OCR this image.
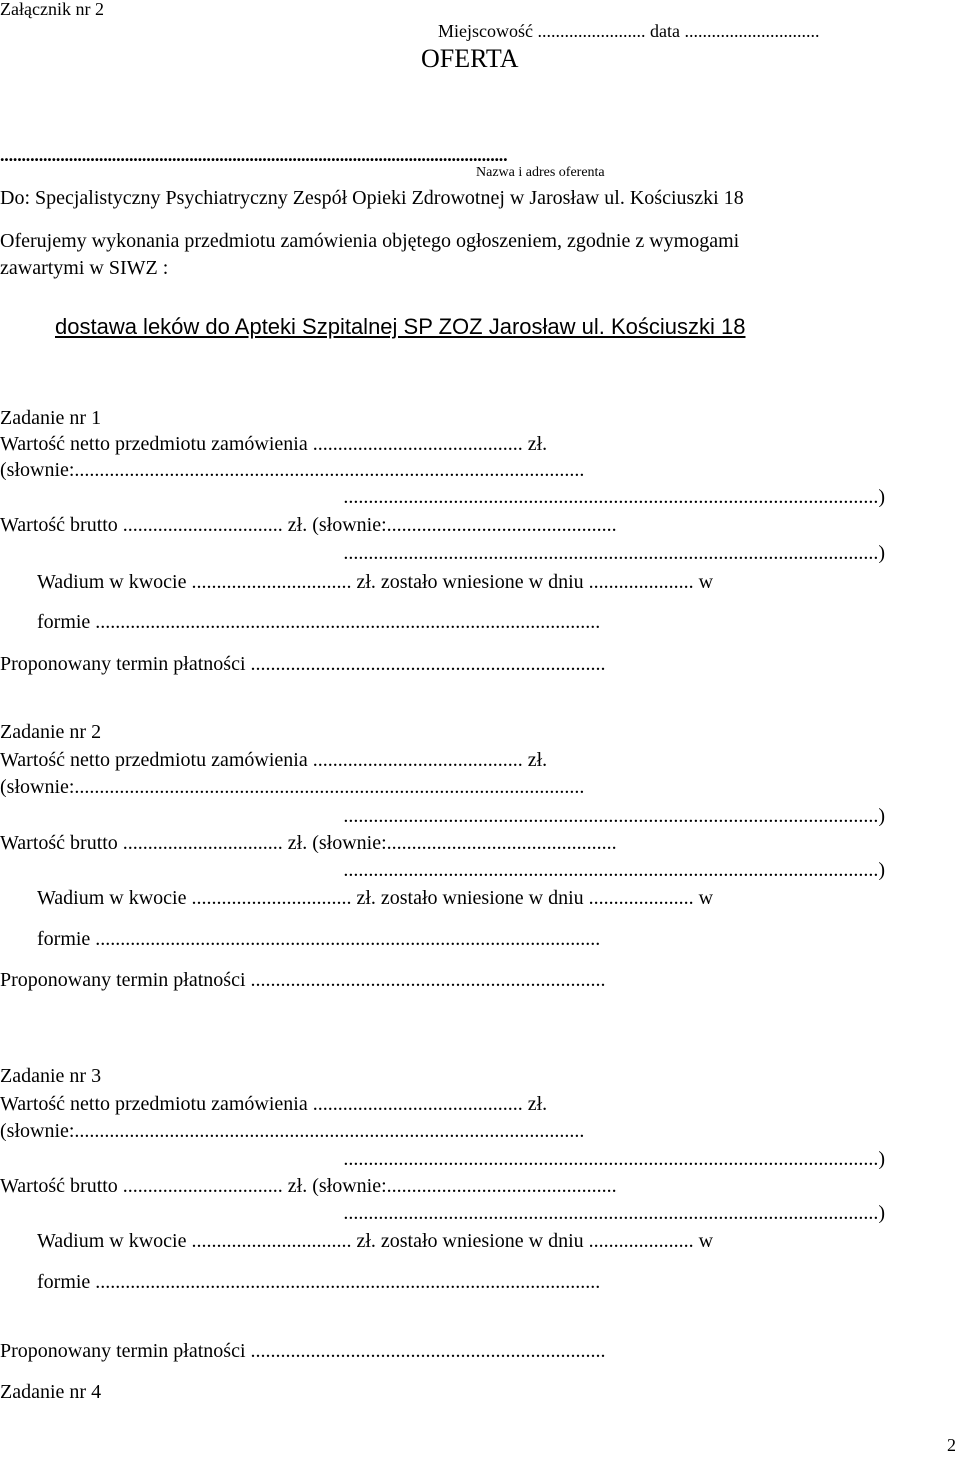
Załącznik nr 2
Miejscowość ........................ data ..............................
OFERTA
......................................................................................................................
Nazwa i adres oferenta
Do: Specjalistyczny Psychiatryczny Zespół Opieki Zdrowotnej w Jarosław ul. Kościuszki 18
Oferujemy wykonania przedmiotu zamówienia objętego ogłoszeniem, zgodnie z wymogami
zawartymi w SIWZ :
dostawa leków do Apteki Szpitalnej SP ZOZ Jarosław ul. Kościuszki 18
Zadanie nr 1
Wartość netto przedmiotu zamówienia .......................................... zł.
(słownie:......................................................................................................
...........................................................................................................)
Wartość brutto ................................ zł. (słownie:..............................................
...........................................................................................................)
Wadium w kwocie ................................ zł. zostało wniesione w dniu ..................... w
formie .....................................................................................................
Proponowany termin płatności .......................................................................
Zadanie nr 2
Wartość netto przedmiotu zamówienia .......................................... zł.
(słownie:......................................................................................................
...........................................................................................................)
Wartość brutto ................................ zł. (słownie:..............................................
...........................................................................................................)
Wadium w kwocie ................................ zł. zostało wniesione w dniu ..................... w
formie .....................................................................................................
Proponowany termin płatności .......................................................................
Zadanie nr 3
Wartość netto przedmiotu zamówienia .......................................... zł.
(słownie:......................................................................................................
...........................................................................................................)
Wartość brutto ................................ zł. (słownie:..............................................
...........................................................................................................)
Wadium w kwocie ................................ zł. zostało wniesione w dniu ..................... w
formie .....................................................................................................
Proponowany termin płatności .......................................................................
Zadanie nr 4
2
